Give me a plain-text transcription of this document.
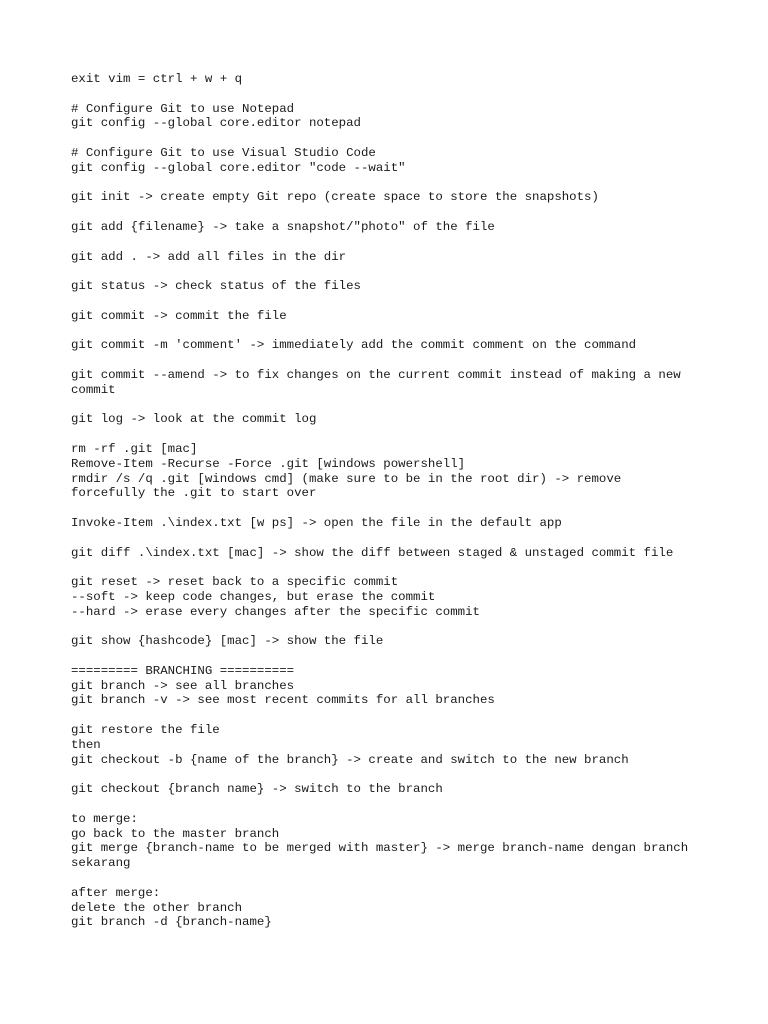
exit vim = ctrl + w + q
# Configure Git to use Notepad
git config --global core.editor notepad
# Configure Git to use Visual Studio Code
git config --global core.editor "code --wait"
git init -> create empty Git repo (create space to store the snapshots)
git add {filename} -> take a snapshot/"photo" of the file
git add . -> add all files in the dir
git status -> check status of the files
git commit -> commit the file
git commit -m 'comment' -> immediately add the commit comment on the command
git commit --amend -> to fix changes on the current commit instead of making a new
commit
git log -> look at the commit log
rm -rf .git [mac]
Remove-Item -Recurse -Force .git [windows powershell]
rmdir /s /q .git [windows cmd] (make sure to be in the root dir) -> remove
forcefully the .git to start over
Invoke-Item .\index.txt [w ps] -> open the file in the default app
git diff .\index.txt [mac] -> show the diff between staged & unstaged commit file
git reset -> reset back to a specific commit
--soft -> keep code changes, but erase the commit
--hard -> erase every changes after the specific commit
git show {hashcode} [mac] -> show the file
========= BRANCHING ==========
git branch -> see all branches
git branch -v -> see most recent commits for all branches
git restore the file
then
git checkout -b {name of the branch} -> create and switch to the new branch
git checkout {branch name} -> switch to the branch
to merge:
go back to the master branch
git merge {branch-name to be merged with master} -> merge branch-name dengan branch
sekarang
after merge:
delete the other branch
git branch -d {branch-name}
